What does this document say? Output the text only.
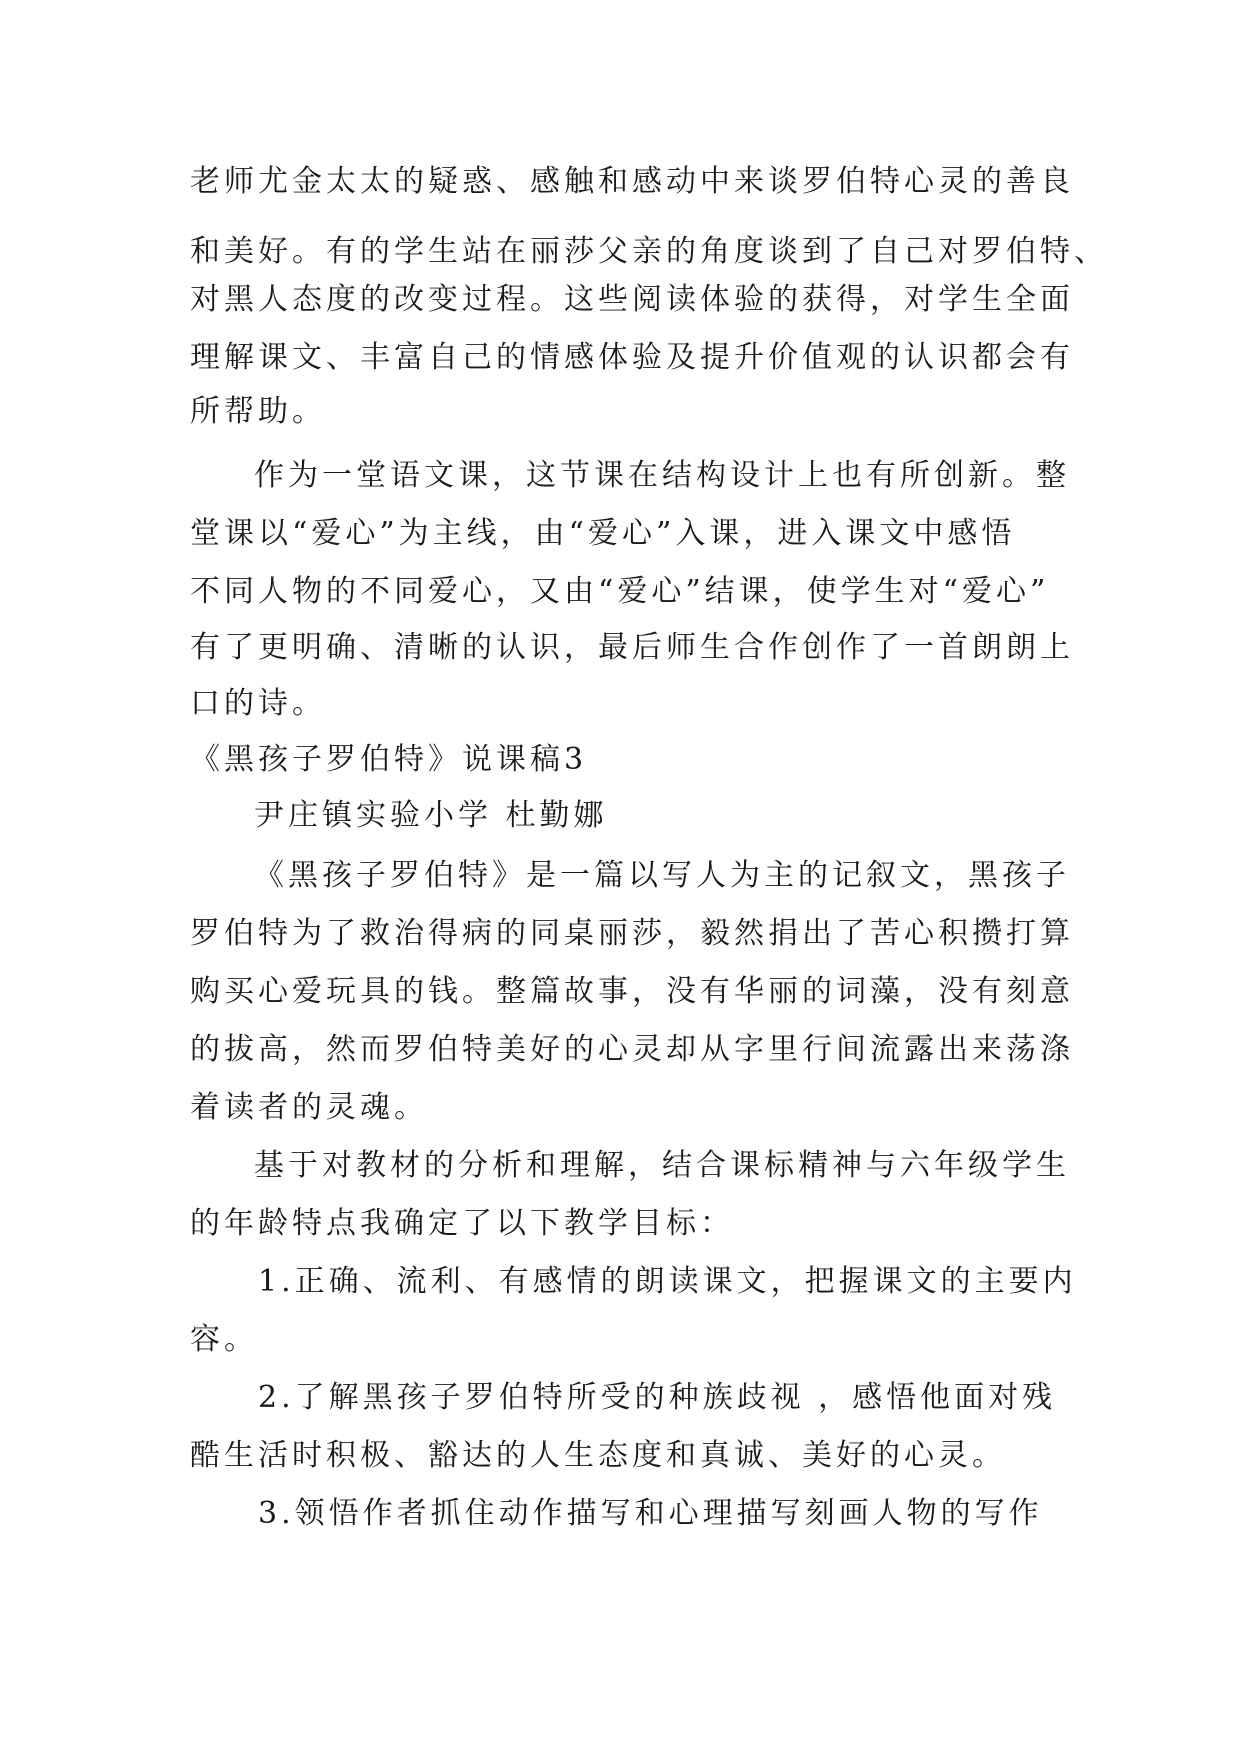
老师尤金太太的疑惑、感触和感动中来谈罗伯特心灵的善良
和美好。有的学生站在丽莎父亲的角度谈到了自己对罗伯特、
对黑人态度的改变过程。这些阅读体验的获得，对学生全面
理解课文、丰富自己的情感体验及提升价值观的认识都会有
所帮助。
作为一堂语文课，这节课在结构设计上也有所创新。整
堂课以“爱心”为主线，由“爱心”入课，进入课文中感悟
不同人物的不同爱心，又由“爱心”结课，使学生对“爱心”
有了更明确、清晰的认识，最后师生合作创作了一首朗朗上
口的诗。
《黑孩子罗伯特》说课稿3
尹庄镇实验小学 杜勤娜
《黑孩子罗伯特》是一篇以写人为主的记叙文，黑孩子
罗伯特为了救治得病的同桌丽莎，毅然捐出了苦心积攒打算
购买心爱玩具的钱。整篇故事，没有华丽的词藻，没有刻意
的拔高，然而罗伯特美好的心灵却从字里行间流露出来荡涤
着读者的灵魂。
基于对教材的分析和理解，结合课标精神与六年级学生
的年龄特点我确定了以下教学目标：
1.正确、流利、有感情的朗读课文，把握课文的主要内
容。
2.了解黑孩子罗伯特所受的种族歧视 ，感悟他面对残
酷生活时积极、豁达的人生态度和真诚、美好的心灵。
3.领悟作者抓住动作描写和心理描写刻画人物的写作
